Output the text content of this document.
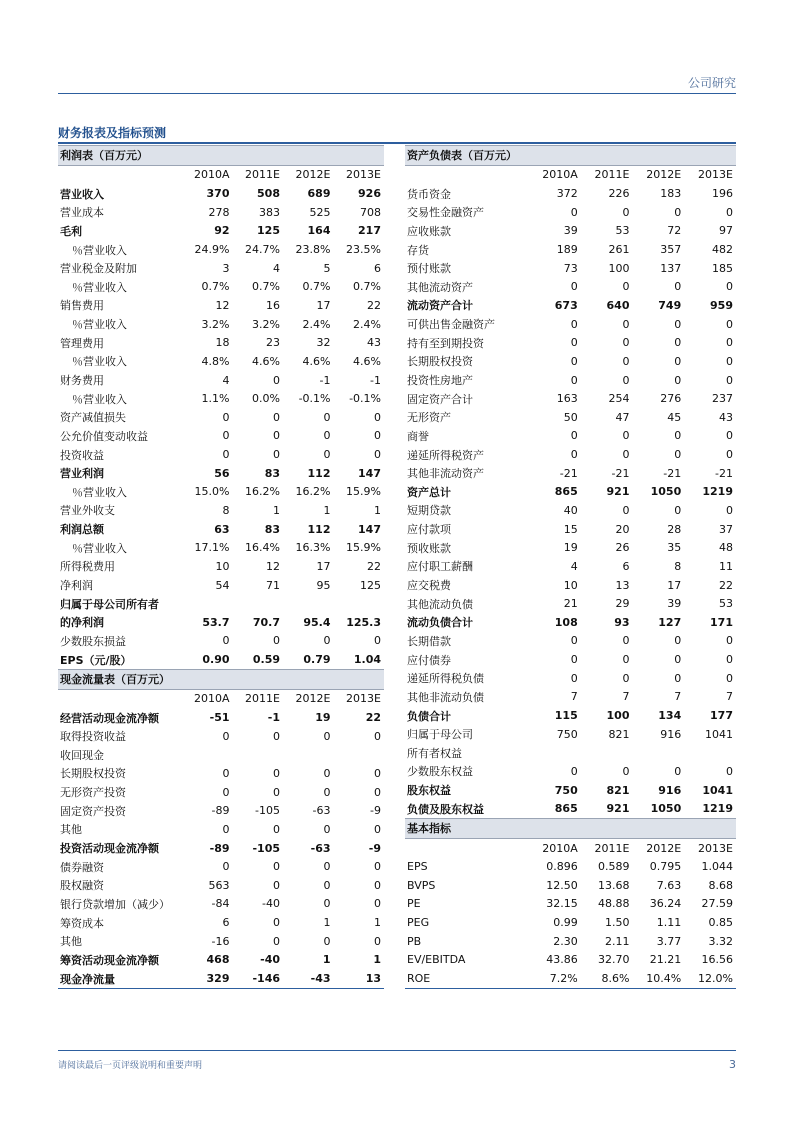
公司研究
财务报表及指标预测
利润表（百万元）				
	2010A	2011E	2012E	2013E
营业收入	370	508	689	926
营业成本	278	383	525	708
毛利	92	125	164	217
％营业收入	24.9%	24.7%	23.8%	23.5%
营业税金及附加	3	4	5	6
％营业收入	0.7%	0.7%	0.7%	0.7%
销售费用	12	16	17	22
％营业收入	3.2%	3.2%	2.4%	2.4%
管理费用	18	23	32	43
％营业收入	4.8%	4.6%	4.6%	4.6%
财务费用	4	0	-1	-1
％营业收入	1.1%	0.0%	-0.1%	-0.1%
资产减值损失	0	0	0	0
公允价值变动收益	0	0	0	0
投资收益	0	0	0	0
营业利润	56	83	112	147
％营业收入	15.0%	16.2%	16.2%	15.9%
营业外收支	8	1	1	1
利润总额	63	83	112	147
％营业收入	17.1%	16.4%	16.3%	15.9%
所得税费用	10	12	17	22
净利润	54	71	95	125
归属于母公司所有者				
的净利润	53.7	70.7	95.4	125.3
少数股东损益	0	0	0	0
EPS（元/股）	0.90	0.59	0.79	1.04
现金流量表（百万元）				
	2010A	2011E	2012E	2013E
经营活动现金流净额	-51	-1	19	22
取得投资收益	0	0	0	0
收回现金				
长期股权投资	0	0	0	0
无形资产投资	0	0	0	0
固定资产投资	-89	-105	-63	-9
其他	0	0	0	0
投资活动现金流净额	-89	-105	-63	-9
债券融资	0	0	0	0
股权融资	563	0	0	0
银行贷款增加（减少）	-84	-40	0	0
筹资成本	6	0	1	1
其他	-16	0	0	0
筹资活动现金流净额	468	-40	1	1
现金净流量	329	-146	-43	13
资产负债表（百万元）				
	2010A	2011E	2012E	2013E
货币资金	372	226	183	196
交易性金融资产	0	0	0	0
应收账款	39	53	72	97
存货	189	261	357	482
预付账款	73	100	137	185
其他流动资产	0	0	0	0
流动资产合计	673	640	749	959
可供出售金融资产	0	0	0	0
持有至到期投资	0	0	0	0
长期股权投资	0	0	0	0
投资性房地产	0	0	0	0
固定资产合计	163	254	276	237
无形资产	50	47	45	43
商誉	0	0	0	0
递延所得税资产	0	0	0	0
其他非流动资产	-21	-21	-21	-21
资产总计	865	921	1050	1219
短期贷款	40	0	0	0
应付款项	15	20	28	37
预收账款	19	26	35	48
应付职工薪酬	4	6	8	11
应交税费	10	13	17	22
其他流动负债	21	29	39	53
流动负债合计	108	93	127	171
长期借款	0	0	0	0
应付债券	0	0	0	0
递延所得税负债	0	0	0	0
其他非流动负债	7	7	7	7
负债合计	115	100	134	177
归属于母公司	750	821	916	1041
所有者权益				
少数股东权益	0	0	0	0
股东权益	750	821	916	1041
负债及股东权益	865	921	1050	1219
基本指标				
	2010A	2011E	2012E	2013E
EPS	0.896	0.589	0.795	1.044
BVPS	12.50	13.68	7.63	8.68
PE	32.15	48.88	36.24	27.59
PEG	0.99	1.50	1.11	0.85
PB	2.30	2.11	3.77	3.32
EV/EBITDA	43.86	32.70	21.21	16.56
ROE	7.2%	8.6%	10.4%	12.0%
请阅读最后一页评级说明和重要声明	3
